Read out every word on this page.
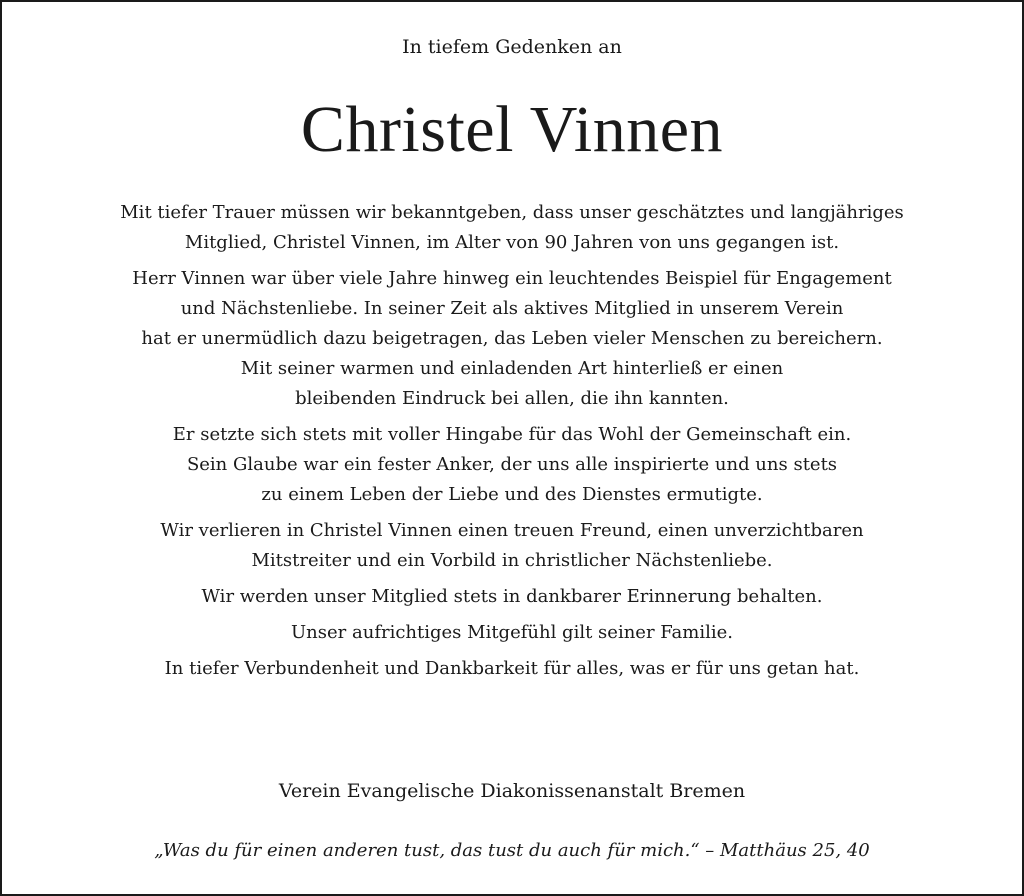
In tiefem Gedenken an
Christel Vinnen
Mit tiefer Trauer müssen wir bekanntgeben, dass unser geschätztes und langjähriges
Mitglied, Christel Vinnen, im Alter von 90 Jahren von uns gegangen ist.
Herr Vinnen war über viele Jahre hinweg ein leuchtendes Beispiel für Engagement
und Nächstenliebe. In seiner Zeit als aktives Mitglied in unserem Verein
hat er unermüdlich dazu beigetragen, das Leben vieler Menschen zu bereichern.
Mit seiner warmen und einladenden Art hinterließ er einen
bleibenden Eindruck bei allen, die ihn kannten.
Er setzte sich stets mit voller Hingabe für das Wohl der Gemeinschaft ein.
Sein Glaube war ein fester Anker, der uns alle inspirierte und uns stets
zu einem Leben der Liebe und des Dienstes ermutigte.
Wir verlieren in Christel Vinnen einen treuen Freund, einen unverzichtbaren
Mitstreiter und ein Vorbild in christlicher Nächstenliebe.
Wir werden unser Mitglied stets in dankbarer Erinnerung behalten.
Unser aufrichtiges Mitgefühl gilt seiner Familie.
In tiefer Verbundenheit und Dankbarkeit für alles, was er für uns getan hat.
Verein Evangelische Diakonissenanstalt Bremen
„Was du für einen anderen tust, das tust du auch für mich.“ – Matthäus 25, 40
